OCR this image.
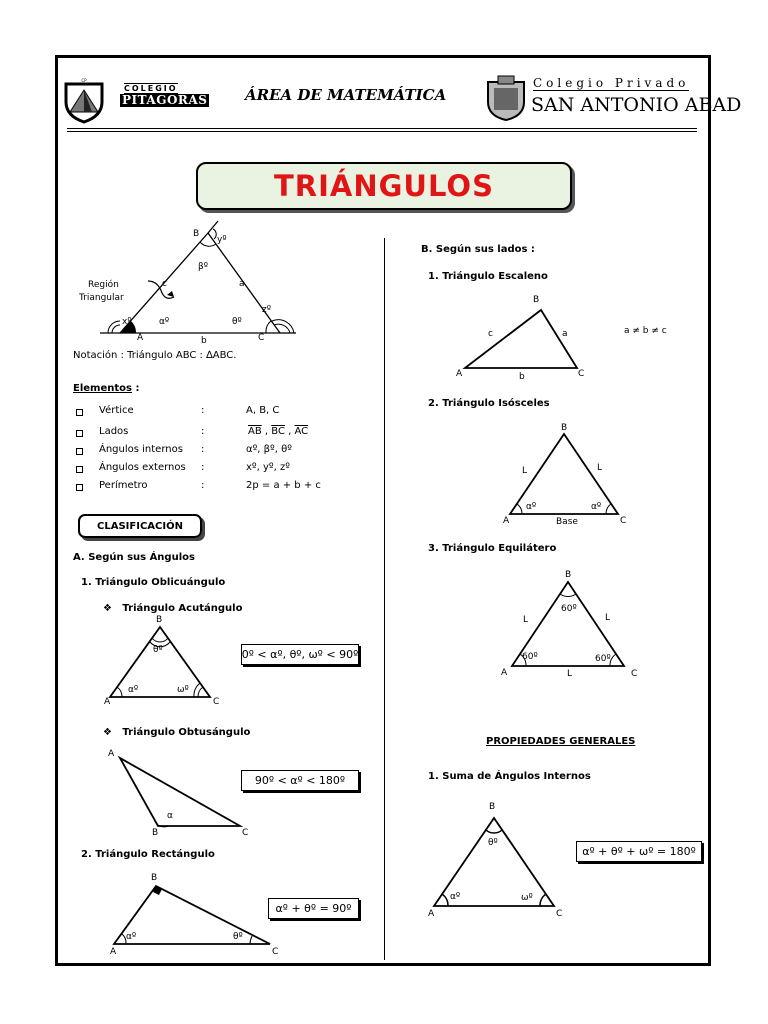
CP
COLEGIO
PITAGORAS	ÁREA DE MATEMÁTICA
Colegio Privado
SAN ANTONIO ABAD
TRIÁNGULOS
Región
Triangular
B
yº
βº
c	a
zº
xº	αº	θº
A	b	C
Notación : Triángulo ABC : ∆ABC.
Elementos :
Vértice	:	A, B, C
Lados	:	$\overline{AB}$ , $\overline{BC}$ , $\overline{AC}$
Ángulos internos :	αº, βº, θº
Ángulos externos :	xº, yº, zº
Perímetro	:	2p = a + b + c
CLASIFICACIÓN
A. Según sus Ángulos
1. Triángulo Oblicuángulo
❖ Triángulo Acutángulo
B
θº
αº	ωº
A	C
0º < αº, θº, ωº < 90º
❖ Triángulo Obtusángulo
A
α
B	C
90º < αº < 180º
2. Triángulo Rectángulo
B
αº	θº
A	C
αº + θº = 90º
B. Según sus lados :
1. Triángulo Escaleno
B
c	a
A	b	C
a ≠ b ≠ c
2. Triángulo Isósceles
B
L	L
αº	αº
A	Base	C
3. Triángulo Equilátero
B
60º
L	L
60º	60º
A	L	C
PROPIEDADES GENERALES
1. Suma de Ángulos Internos
B
θº
αº	ωº
A	C
αº + θº + ωº = 180º
